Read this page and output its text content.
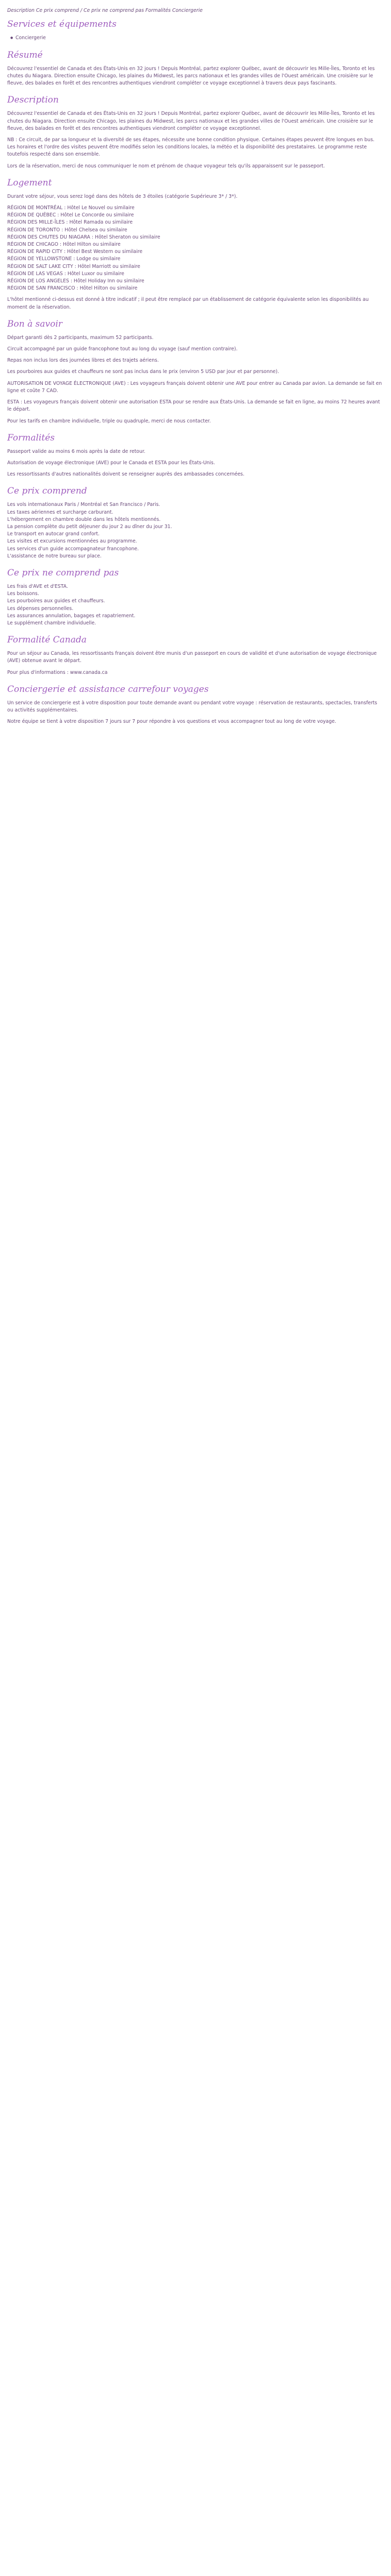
Description Ce prix comprend / Ce prix ne comprend pas Formalités Conciergerie

Services et équipements
● Conciergerie
Résumé

Découvrez l'essentiel de Canada et des États-Unis en 32 jours ! Depuis Montréal, partez explorer Québec, avant de découvrir les Mille-Îles, Toronto et les chutes du Niagara. Direction ensuite Chicago, les plaines du Midwest, les parcs nationaux et les grandes villes de l'Ouest américain. Une croisière sur le fleuve, des balades en forêt et des rencontres authentiques viendront compléter ce voyage exceptionnel à travers deux pays fascinants.

Description

Découvrez l'essentiel de Canada et des États-Unis en 32 jours ! Depuis Montréal, partez explorer Québec, avant de découvrir les Mille-Îles, Toronto et les chutes du Niagara. Direction ensuite Chicago, les plaines du Midwest, les parcs nationaux et les grandes villes de l'Ouest américain. Une croisière sur le fleuve, des balades en forêt et des rencontres authentiques viendront compléter ce voyage exceptionnel.

NB : Ce circuit, de par sa longueur et la diversité de ses étapes, nécessite une bonne condition physique. Certaines étapes peuvent être longues en bus. Les horaires et l'ordre des visites peuvent être modifiés selon les conditions locales, la météo et la disponibilité des prestataires. Le programme reste toutefois respecté dans son ensemble.

Lors de la réservation, merci de nous communiquer le nom et prénom de chaque voyageur tels qu'ils apparaissent sur le passeport.

Logement

Durant votre séjour, vous serez logé dans des hôtels de 3 étoiles (catégorie Supérieure 3* / 3*).

RÉGION DE MONTRÉAL : Hôtel Le Nouvel ou similaire
RÉGION DE QUÉBEC : Hôtel Le Concorde ou similaire
RÉGION DES MILLE-ÎLES : Hôtel Ramada ou similaire
RÉGION DE TORONTO : Hôtel Chelsea ou similaire
RÉGION DES CHUTES DU NIAGARA : Hôtel Sheraton ou similaire
RÉGION DE CHICAGO : Hôtel Hilton ou similaire
RÉGION DE RAPID CITY : Hôtel Best Western ou similaire
RÉGION DE YELLOWSTONE : Lodge ou similaire
RÉGION DE SALT LAKE CITY : Hôtel Marriott ou similaire
RÉGION DE LAS VEGAS : Hôtel Luxor ou similaire
RÉGION DE LOS ANGELES : Hôtel Holiday Inn ou similaire
RÉGION DE SAN FRANCISCO : Hôtel Hilton ou similaire

L'hôtel mentionné ci-dessus est donné à titre indicatif ; il peut être remplacé par un établissement de catégorie équivalente selon les disponibilités au moment de la réservation.

Bon à savoir

Départ garanti dès 2 participants, maximum 52 participants.

Circuit accompagné par un guide francophone tout au long du voyage (sauf mention contraire).

Repas non inclus lors des journées libres et des trajets aériens.

Les pourboires aux guides et chauffeurs ne sont pas inclus dans le prix (environ 5 USD par jour et par personne).

AUTORISATION DE VOYAGE ÉLECTRONIQUE (AVE) : Les voyageurs français doivent obtenir une AVE pour entrer au Canada par avion. La demande se fait en ligne et coûte 7 CAD.

ESTA : Les voyageurs français doivent obtenir une autorisation ESTA pour se rendre aux États-Unis. La demande se fait en ligne, au moins 72 heures avant le départ.

Pour les tarifs en chambre individuelle, triple ou quadruple, merci de nous contacter.

Formalités

Passeport valide au moins 6 mois après la date de retour.

Autorisation de voyage électronique (AVE) pour le Canada et ESTA pour les États-Unis.

Les ressortissants d'autres nationalités doivent se renseigner auprès des ambassades concernées.

Ce prix comprend

Les vols internationaux Paris / Montréal et San Francisco / Paris.
Les taxes aériennes et surcharge carburant.
L'hébergement en chambre double dans les hôtels mentionnés.
La pension complète du petit déjeuner du jour 2 au dîner du jour 31.
Le transport en autocar grand confort.
Les visites et excursions mentionnées au programme.
Les services d'un guide accompagnateur francophone.
L'assistance de notre bureau sur place.

Ce prix ne comprend pas

Les frais d'AVE et d'ESTA.
Les boissons.
Les pourboires aux guides et chauffeurs.
Les dépenses personnelles.
Les assurances annulation, bagages et rapatriement.
Le supplément chambre individuelle.

Formalité Canada

Pour un séjour au Canada, les ressortissants français doivent être munis d'un passeport en cours de validité et d'une autorisation de voyage électronique (AVE) obtenue avant le départ.

Pour plus d'informations : www.canada.ca

Conciergerie et assistance carrefour voyages

Un service de conciergerie est à votre disposition pour toute demande avant ou pendant votre voyage : réservation de restaurants, spectacles, transferts ou activités supplémentaires.

Notre équipe se tient à votre disposition 7 jours sur 7 pour répondre à vos questions et vous accompagner tout au long de votre voyage.
